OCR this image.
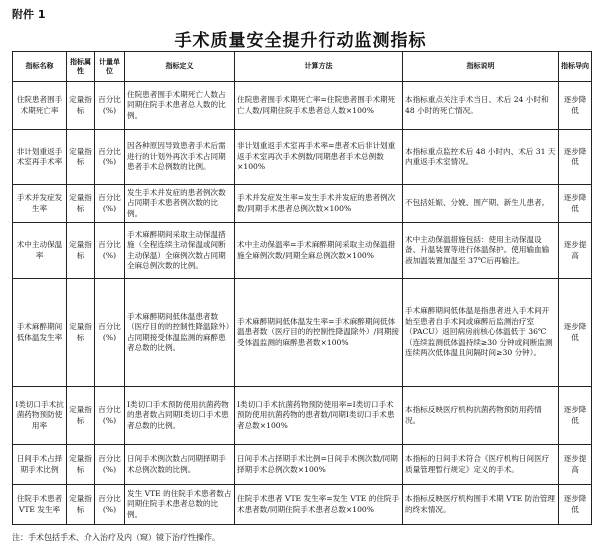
附件 1
手术质量安全提升行动监测指标
指标名称	指标属性	计量单位	指标定义	计算方法	指标说明	指标导向
住院患者围手术期死亡率	定量指标	百分比(%)	住院患者围手术期死亡人数占同期住院手术患者总人数的比例。	住院患者围手术期死亡率=住院患者围手术期死亡人数/同期住院手术患者总人数×100%	本指标重点关注手术当日、术后 24 小时和 48 小时的死亡情况。	逐步降低
非计划重返手术室再手术率	定量指标	百分比(%)	因各种原因导致患者手术后需进行的计划外再次手术占同期患者手术总例数的比例。	非计划重返手术室再手术率=患者术后非计划重返手术室再次手术例数/同期患者手术总例数×100%	本指标重点监控术后 48 小时内、术后 31 天内重返手术室情况。	逐步降低
手术并发症发生率	定量指标	百分比(%)	发生手术并发症的患者例次数占同期手术患者例次数的比例。	手术并发症发生率=发生手术并发症的患者例次数/同期手术患者总例次数×100%	不包括妊娠、分娩、围产期、新生儿患者。	逐步降低
术中主动保温率	定量指标	百分比(%)	手术麻醉期间采取主动保温措施（全程连续主动保温或间断主动保温）全麻例次数占同期全麻总例次数的比例。	术中主动保温率=手术麻醉期间采取主动保温措施全麻例次数/同期全麻总例次数×100%	术中主动保温措施包括：使用主动保温设备、升温装置等进行体温保护。使用输血输液加温装置加温至 37℃后再输注。	逐步提高
手术麻醉期间低体温发生率	定量指标	百分比(%)	手术麻醉期间低体温患者数（医疗目的的控制性降温除外）占同期接受体温监测的麻醉患者总数的比例。	手术麻醉期间低体温发生率=手术麻醉期间低体温患者数（医疗目的的控制性降温除外）/同期接受体温监测的麻醉患者数×100%	手术麻醉期间低体温是指患者进入手术间开始至患者自手术间或麻醉后监测治疗室（PACU）返回病房前核心体温低于 36℃（连续监测低体温持续≥30 分钟或间断监测连续两次低体温且间隔时间≥30 分钟）。	逐步降低
Ⅰ类切口手术抗菌药物预防使用率	定量指标	百分比(%)	Ⅰ类切口手术预防使用抗菌药物的患者数占同期Ⅰ类切口手术患者总数的比例。	Ⅰ类切口手术抗菌药物预防使用率=Ⅰ类切口手术预防使用抗菌药物的患者数/同期Ⅰ类切口手术患者总数×100%	本指标反映医疗机构抗菌药物预防用药情况。	逐步降低
日间手术占择期手术比例	定量指标	百分比(%)	日间手术例次数占同期择期手术总例次数的比例。	日间手术占择期手术比例=日间手术例次数/同期择期手术总例次数×100%	本指标的日间手术符合《医疗机构日间医疗质量管理暂行规定》定义的手术。	逐步提高
住院手术患者 VTE 发生率	定量指标	百分比(%)	发生 VTE 的住院手术患者数占同期住院手术患者总数的比例。	住院手术患者 VTE 发生率=发生 VTE 的住院手术患者数/同期住院手术患者总数×100%	本指标反映医疗机构围手术期 VTE 防治管理的终末情况。	逐步降低
注：手术包括手术、介入治疗及内（窥）镜下治疗性操作。
